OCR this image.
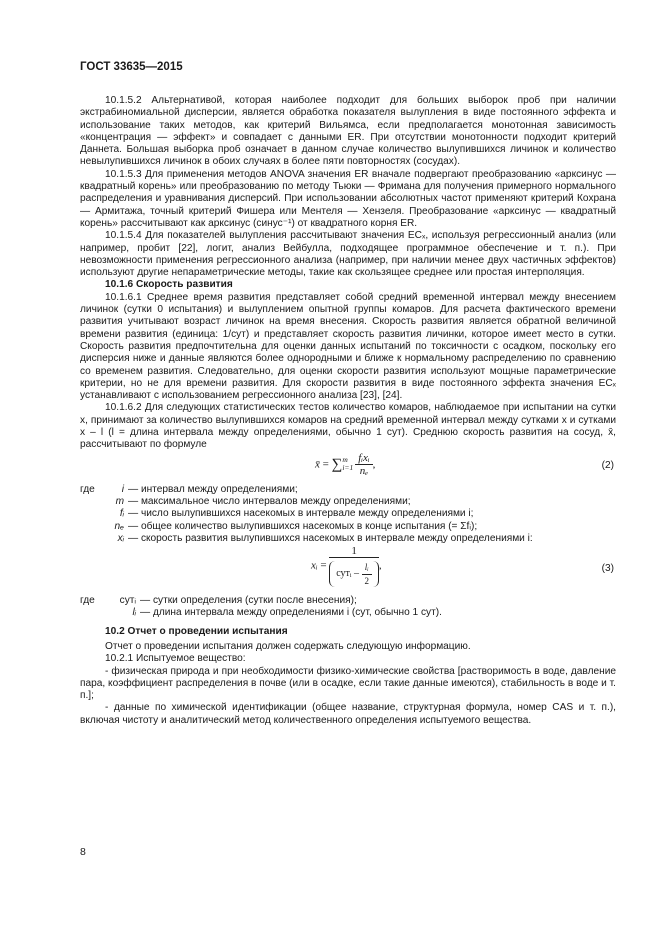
ГОСТ 33635—2015

10.1.5.2 Альтернативой, которая наиболее подходит для больших выборок проб при наличии экстрабиномиальной дисперсии, является обработка показателя вылупления в виде постоянного эффекта и использование таких методов, как критерий Вильямса, если предполагается монотонная зависимость «концентрация — эффект» и совпадает с данными ER. При отсутствии монотонности подходит критерий Даннета. Большая выборка проб означает в данном случае количество вылупившихся личинок и количество невылупившихся личинок в обоих случаях в более пяти повторностях (сосудах).

10.1.5.3 Для применения методов ANOVA значения ER вначале подвергают преобразованию «арксинус — квадратный корень» или преобразованию по методу Тьюки — Фримана для получения примерного нормального распределения и уравнивания дисперсий. При использовании абсолютных частот применяют критерий Кохрана — Армитажа, точный критерий Фишера или Ментеля — Хензеля. Преобразование «арксинус — квадратный корень» рассчитывают как арксинус (синус⁻¹) от квадратного корня ER.

10.1.5.4 Для показателей вылупления рассчитывают значения ECₓ, используя регрессионный анализ (или например, пробит [22], логит, анализ Вейбулла, подходящее программное обеспечение и т. п.). При невозможности применения регрессионного анализа (например, при наличии менее двух частичных эффектов) используют другие непараметрические методы, такие как скользящее среднее или простая интерполяция.

10.1.6 Скорость развития

10.1.6.1 Среднее время развития представляет собой средний временной интервал между внесением личинок (сутки 0 испытания) и вылуплением опытной группы комаров. Для расчета фактического времени развития учитывают возраст личинок на время внесения. Скорость развития является обратной величиной времени развития (единица: 1/сут) и представляет скорость развития личинки, которое имеет место в сутки. Скорость развития предпочтительна для оценки данных испытаний по токсичности с осадком, поскольку его дисперсия ниже и данные являются более однородными и ближе к нормальному распределению по сравнению со временем развития. Следовательно, для оценки скорости развития используют мощные параметрические критерии, но не для времени развития. Для скорости развития в виде постоянного эффекта значения ECₓ устанавливают с использованием регрессионного анализа [23], [24].

10.1.6.2 Для следующих статистических тестов количество комаров, наблюдаемое при испытании на сутки x, принимают за количество вылупившихся комаров на средний временной интервал между сутками x и сутками x – l (l = длина интервала между определениями, обычно 1 сут). Среднюю скорость развития на сосуд, x̄, рассчитывают по формуле

x̄ = ∑ m
$i=1 \frac{\text{fᵢxᵢ}}{\text{nₑ}}$ ,	(2)
где	i — интервал между определениями;
m — максимальное число интервалов между определениями;
fᵢ — число вылупившихся насекомых в интервале между определениями i;
nₑ — общее количество вылупившихся насекомых в конце испытания (= Σfᵢ);
xᵢ — скорость развития вылупившихся насекомых в интервале между определениями i:
xᵢ = $\frac{1}{сутᵢ - \frac{\text{lᵢ}}{2}}$ ,	(3)
где сутᵢ — сутки определения (сутки после внесения);
lᵢ — длина интервала между определениями i (сут, обычно 1 сут).

10.2 Отчет о проведении испытания

Отчет о проведении испытания должен содержать следующую информацию.

10.2.1 Испытуемое вещество:

- физическая природа и при необходимости физико-химические свойства [растворимость в воде, давление пара, коэффициент распределения в почве (или в осадке, если такие данные имеются), стабильность в воде и т. п.];

- данные по химической идентификации (общее название, структурная формула, номер CAS и т. п.), включая чистоту и аналитический метод количественного определения испытуемого вещества.

8
